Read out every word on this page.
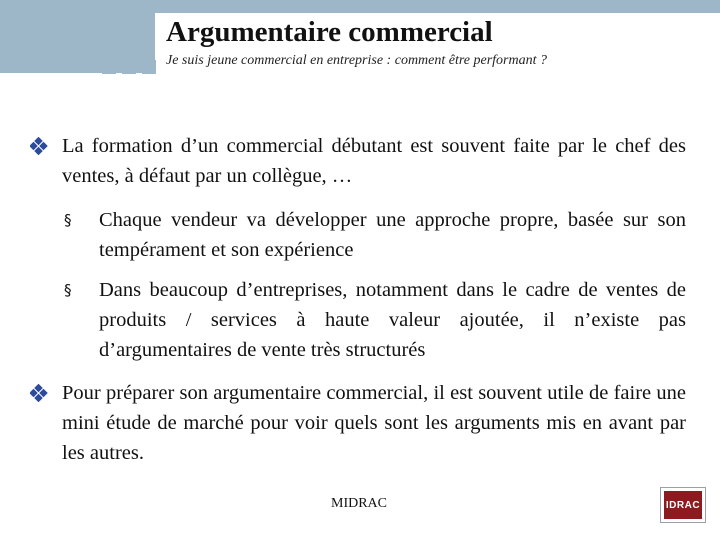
Argumentaire commercial
Je suis jeune commercial en entreprise : comment être performant ?
La formation d’un commercial débutant est souvent faite par le chef des ventes, à défaut par un collègue, …
§ Chaque vendeur va développer une approche propre, basée sur son tempérament et son expérience
§ Dans beaucoup d’entreprises, notamment dans le cadre de ventes de produits / services à haute valeur ajoutée, il n’existe pas d’argumentaires de vente très structurés
Pour préparer son argumentaire commercial, il est souvent utile de faire une mini étude de marché pour voir quels sont les arguments mis en avant par les autres.
MIDRAC	IDRAC
